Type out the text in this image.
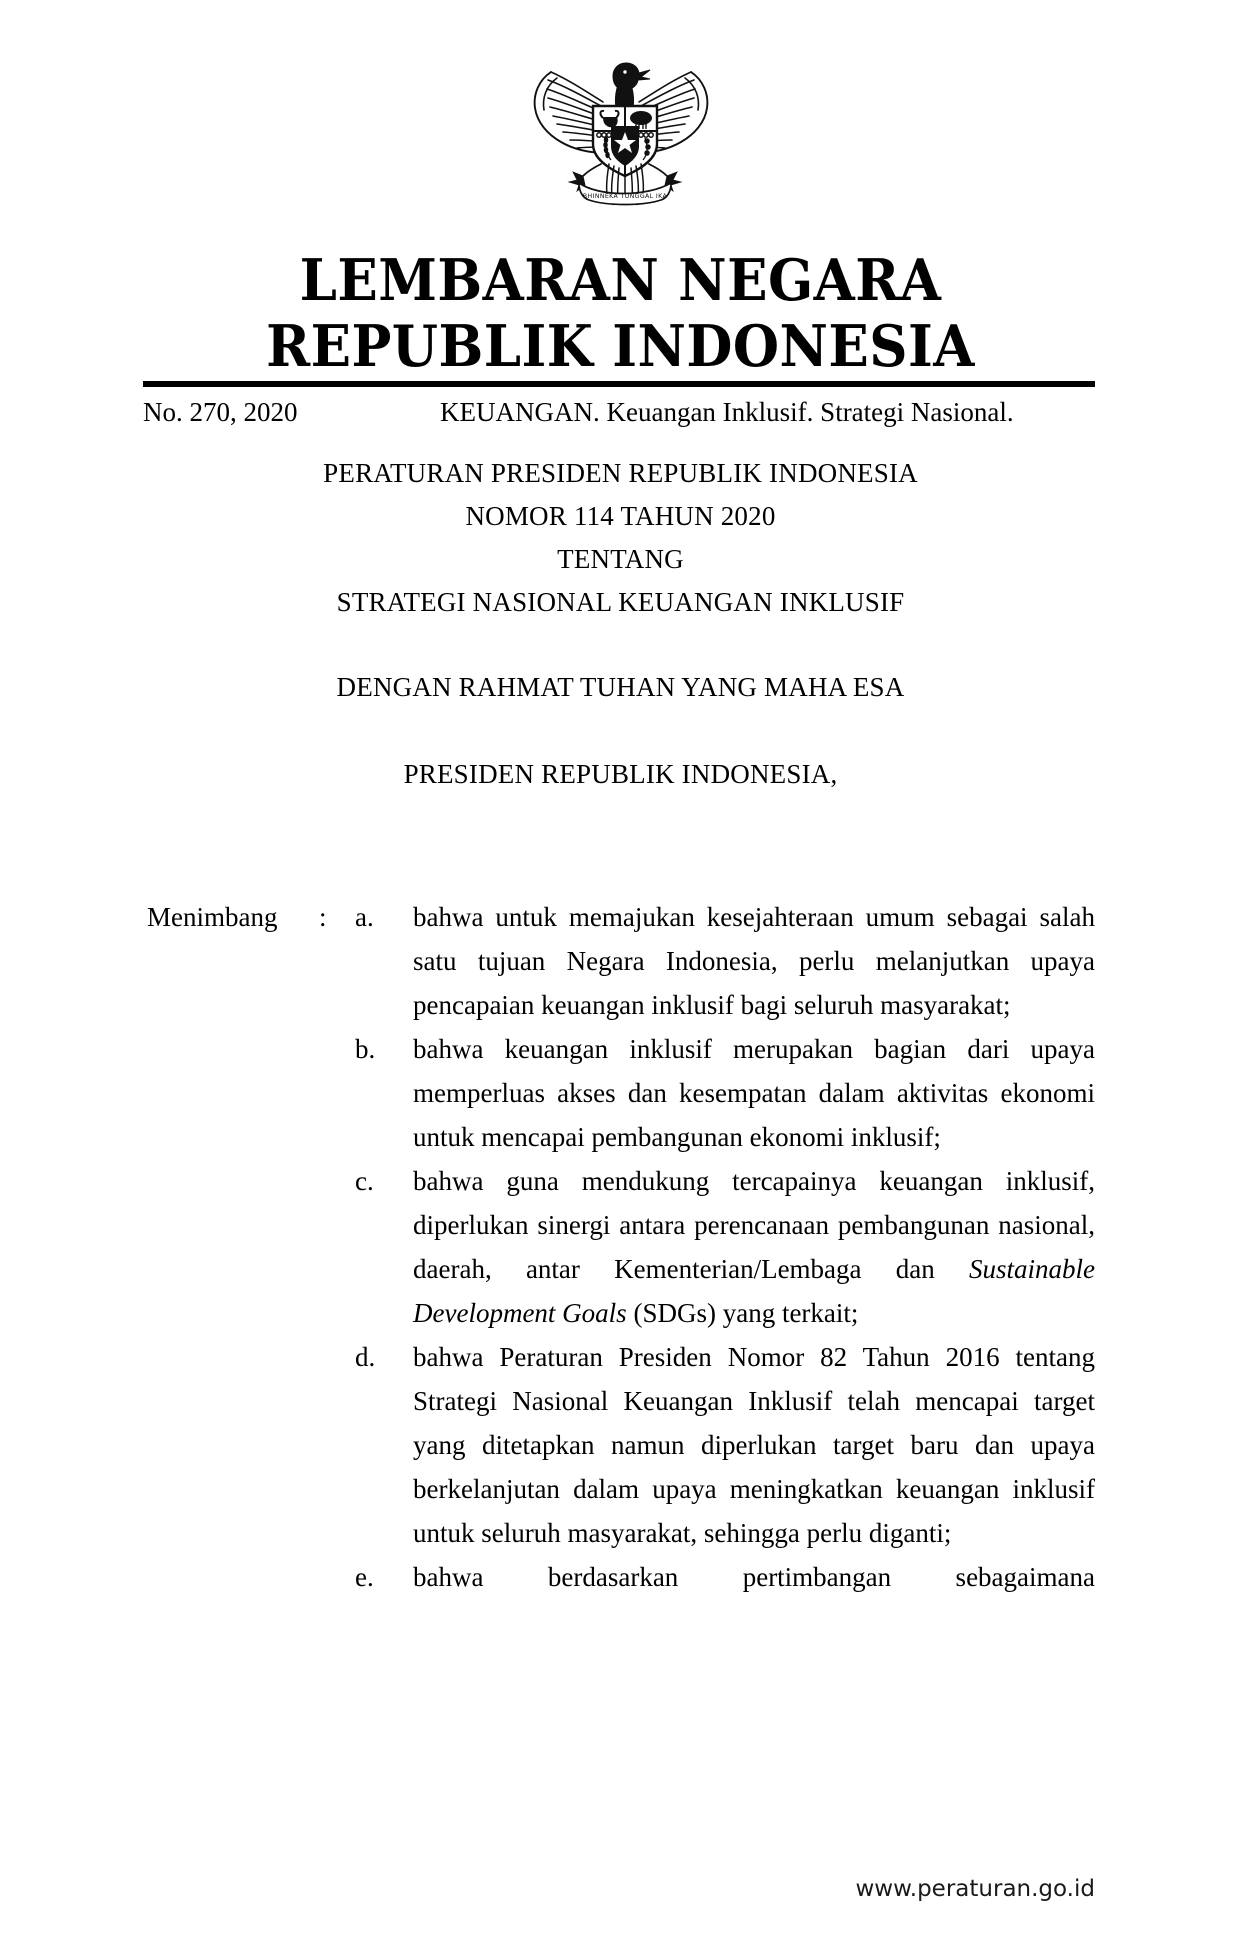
BHINNEKA TUNGGAL IKA
LEMBARAN NEGARA
REPUBLIK INDONESIA
No. 270, 2020	KEUANGAN. Keuangan Inklusif. Strategi Nasional.
PERATURAN PRESIDEN REPUBLIK INDONESIA
NOMOR 114 TAHUN 2020
TENTANG
STRATEGI NASIONAL KEUANGAN INKLUSIF
DENGAN RAHMAT TUHAN YANG MAHA ESA
PRESIDEN REPUBLIK INDONESIA,
Menimbang	: a.	bahwa untuk memajukan kesejahteraan umum sebagai salah satu tujuan Negara Indonesia, perlu melanjutkan upaya pencapaian keuangan inklusif bagi seluruh masyarakat;
b.	bahwa keuangan inklusif merupakan bagian dari upaya memperluas akses dan kesempatan dalam aktivitas ekonomi untuk mencapai pembangunan ekonomi inklusif;
c.	bahwa guna mendukung tercapainya keuangan inklusif, diperlukan sinergi antara perencanaan pembangunan nasional, daerah, antar Kementerian/Lembaga dan Sustainable Development Goals (SDGs) yang terkait;
d.	bahwa Peraturan Presiden Nomor 82 Tahun 2016 tentang Strategi Nasional Keuangan Inklusif telah mencapai target yang ditetapkan namun diperlukan target baru dan upaya berkelanjutan dalam upaya meningkatkan keuangan inklusif untuk seluruh masyarakat, sehingga perlu diganti;
e.	bahwa berdasarkan pertimbangan sebagaimana
www.peraturan.go.id
